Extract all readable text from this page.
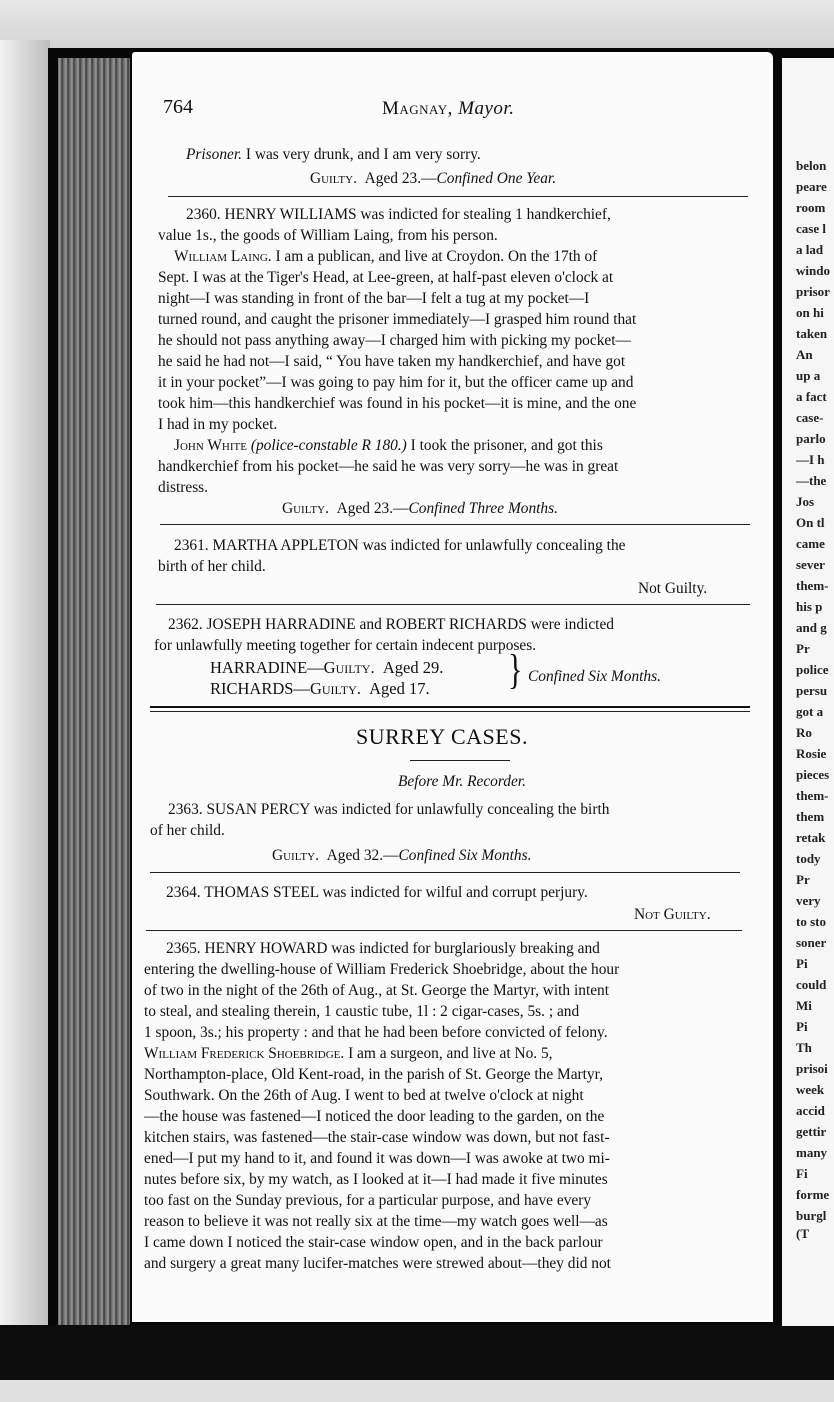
belon
peare
room
case l
a lad
windo
prisor
on hi
taken
An
up a
a fact
case-
parlo
—I h
—the
Jos
On tl
came
sever
them-
his p
and g
Pr
police
persu
got a
Ro
Rosie
pieces
them-
them
retak
tody
Pr
very
to sto
soner
Pi
could
Mi
Pi
Th
prisoi
week
accid
gettir
many
Fi
forme
burgl
(T
764	Magnay, Mayor.
Prisoner. I was very drunk, and I am very sorry.
Guilty. Aged 23.—Confined One Year.
2360. HENRY WILLIAMS was indicted for stealing 1 handkerchief,
value 1s., the goods of William Laing, from his person.
William Laing. I am a publican, and live at Croydon. On the 17th of
Sept. I was at the Tiger's Head, at Lee-green, at half-past eleven o'clock at
night—I was standing in front of the bar—I felt a tug at my pocket—I
turned round, and caught the prisoner immediately—I grasped him round that
he should not pass anything away—I charged him with picking my pocket—
he said he had not—I said, “ You have taken my handkerchief, and have got
it in your pocket”—I was going to pay him for it, but the officer came up and
took him—this handkerchief was found in his pocket—it is mine, and the one
I had in my pocket.
John White (police-constable R 180.) I took the prisoner, and got this
handkerchief from his pocket—he said he was very sorry—he was in great
distress.
Guilty. Aged 23.—Confined Three Months.
2361. MARTHA APPLETON was indicted for unlawfully concealing the
birth of her child.
Not Guilty.
2362. JOSEPH HARRADINE and ROBERT RICHARDS were indicted
for unlawfully meeting together for certain indecent purposes.
HARRADINE—Guilty. Aged 29.
RICHARDS—Guilty. Aged 17.	} Confined Six Months.
SURREY CASES.
Before Mr. Recorder.
2363. SUSAN PERCY was indicted for unlawfully concealing the birth
of her child.
Guilty. Aged 32.—Confined Six Months.
2364. THOMAS STEEL was indicted for wilful and corrupt perjury.
Not Guilty.
2365. HENRY HOWARD was indicted for burglariously breaking and
entering the dwelling-house of William Frederick Shoebridge, about the hour
of two in the night of the 26th of Aug., at St. George the Martyr, with intent
to steal, and stealing therein, 1 caustic tube, 1l : 2 cigar-cases, 5s. ; and
1 spoon, 3s.; his property : and that he had been before convicted of felony.
William Frederick Shoebridge. I am a surgeon, and live at No. 5,
Northampton-place, Old Kent-road, in the parish of St. George the Martyr,
Southwark. On the 26th of Aug. I went to bed at twelve o'clock at night
—the house was fastened—I noticed the door leading to the garden, on the
kitchen stairs, was fastened—the stair-case window was down, but not fast-
ened—I put my hand to it, and found it was down—I was awoke at two mi-
nutes before six, by my watch, as I looked at it—I had made it five minutes
too fast on the Sunday previous, for a particular purpose, and have every
reason to believe it was not really six at the time—my watch goes well—as
I came down I noticed the stair-case window open, and in the back parlour
and surgery a great many lucifer-matches were strewed about—they did not
